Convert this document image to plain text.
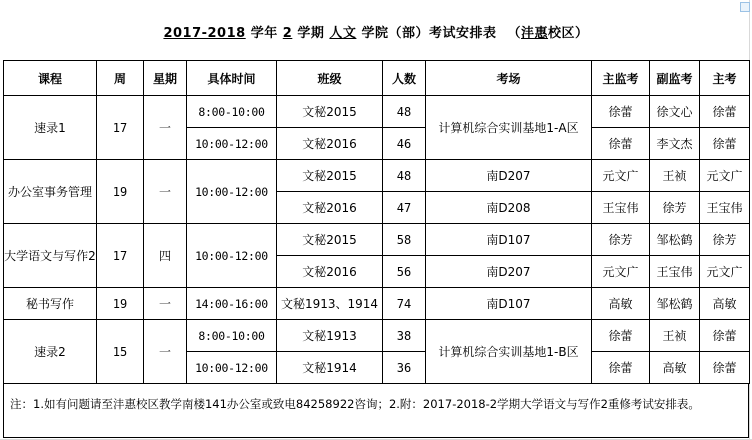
2017-2018 学年 2 学期 人文 学院（部）考试安排表 （沣惠校区）
课程	周	星期	具体时间	班级	人数	考场	主监考	副监考	主考
速录1	17	一	8:00-10:00	文秘2015	48	计算机综合实训基地1-A区	徐蕾	徐文心	徐蕾
			10:00-12:00	文秘2016	46		徐蕾	李文杰	徐蕾
办公室事务管理	19	一	10:00-12:00	文秘2015	48	南D207	元文广	王祯	元文广
				文秘2016	47	南D208	王宝伟	徐芳	王宝伟
大学语文与写作2	17	四	10:00-12:00	文秘2015	58	南D107	徐芳	邹松鹤	徐芳
				文秘2016	56	南D207	元文广	王宝伟	元文广
秘书写作	19	一	14:00-16:00	文秘1913、1914	74	南D107	高敏	邹松鹤	高敏
速录2	15	一	8:00-10:00	文秘1913	38	计算机综合实训基地1-B区	徐蕾	王祯	徐蕾
			10:00-12:00	文秘1914	36		徐蕾	高敏	徐蕾
注：1.如有问题请至沣惠校区教学南楼141办公室或致电84258922咨询；2.附：2017-2018-2学期大学语文与写作2重修考试安排表。
